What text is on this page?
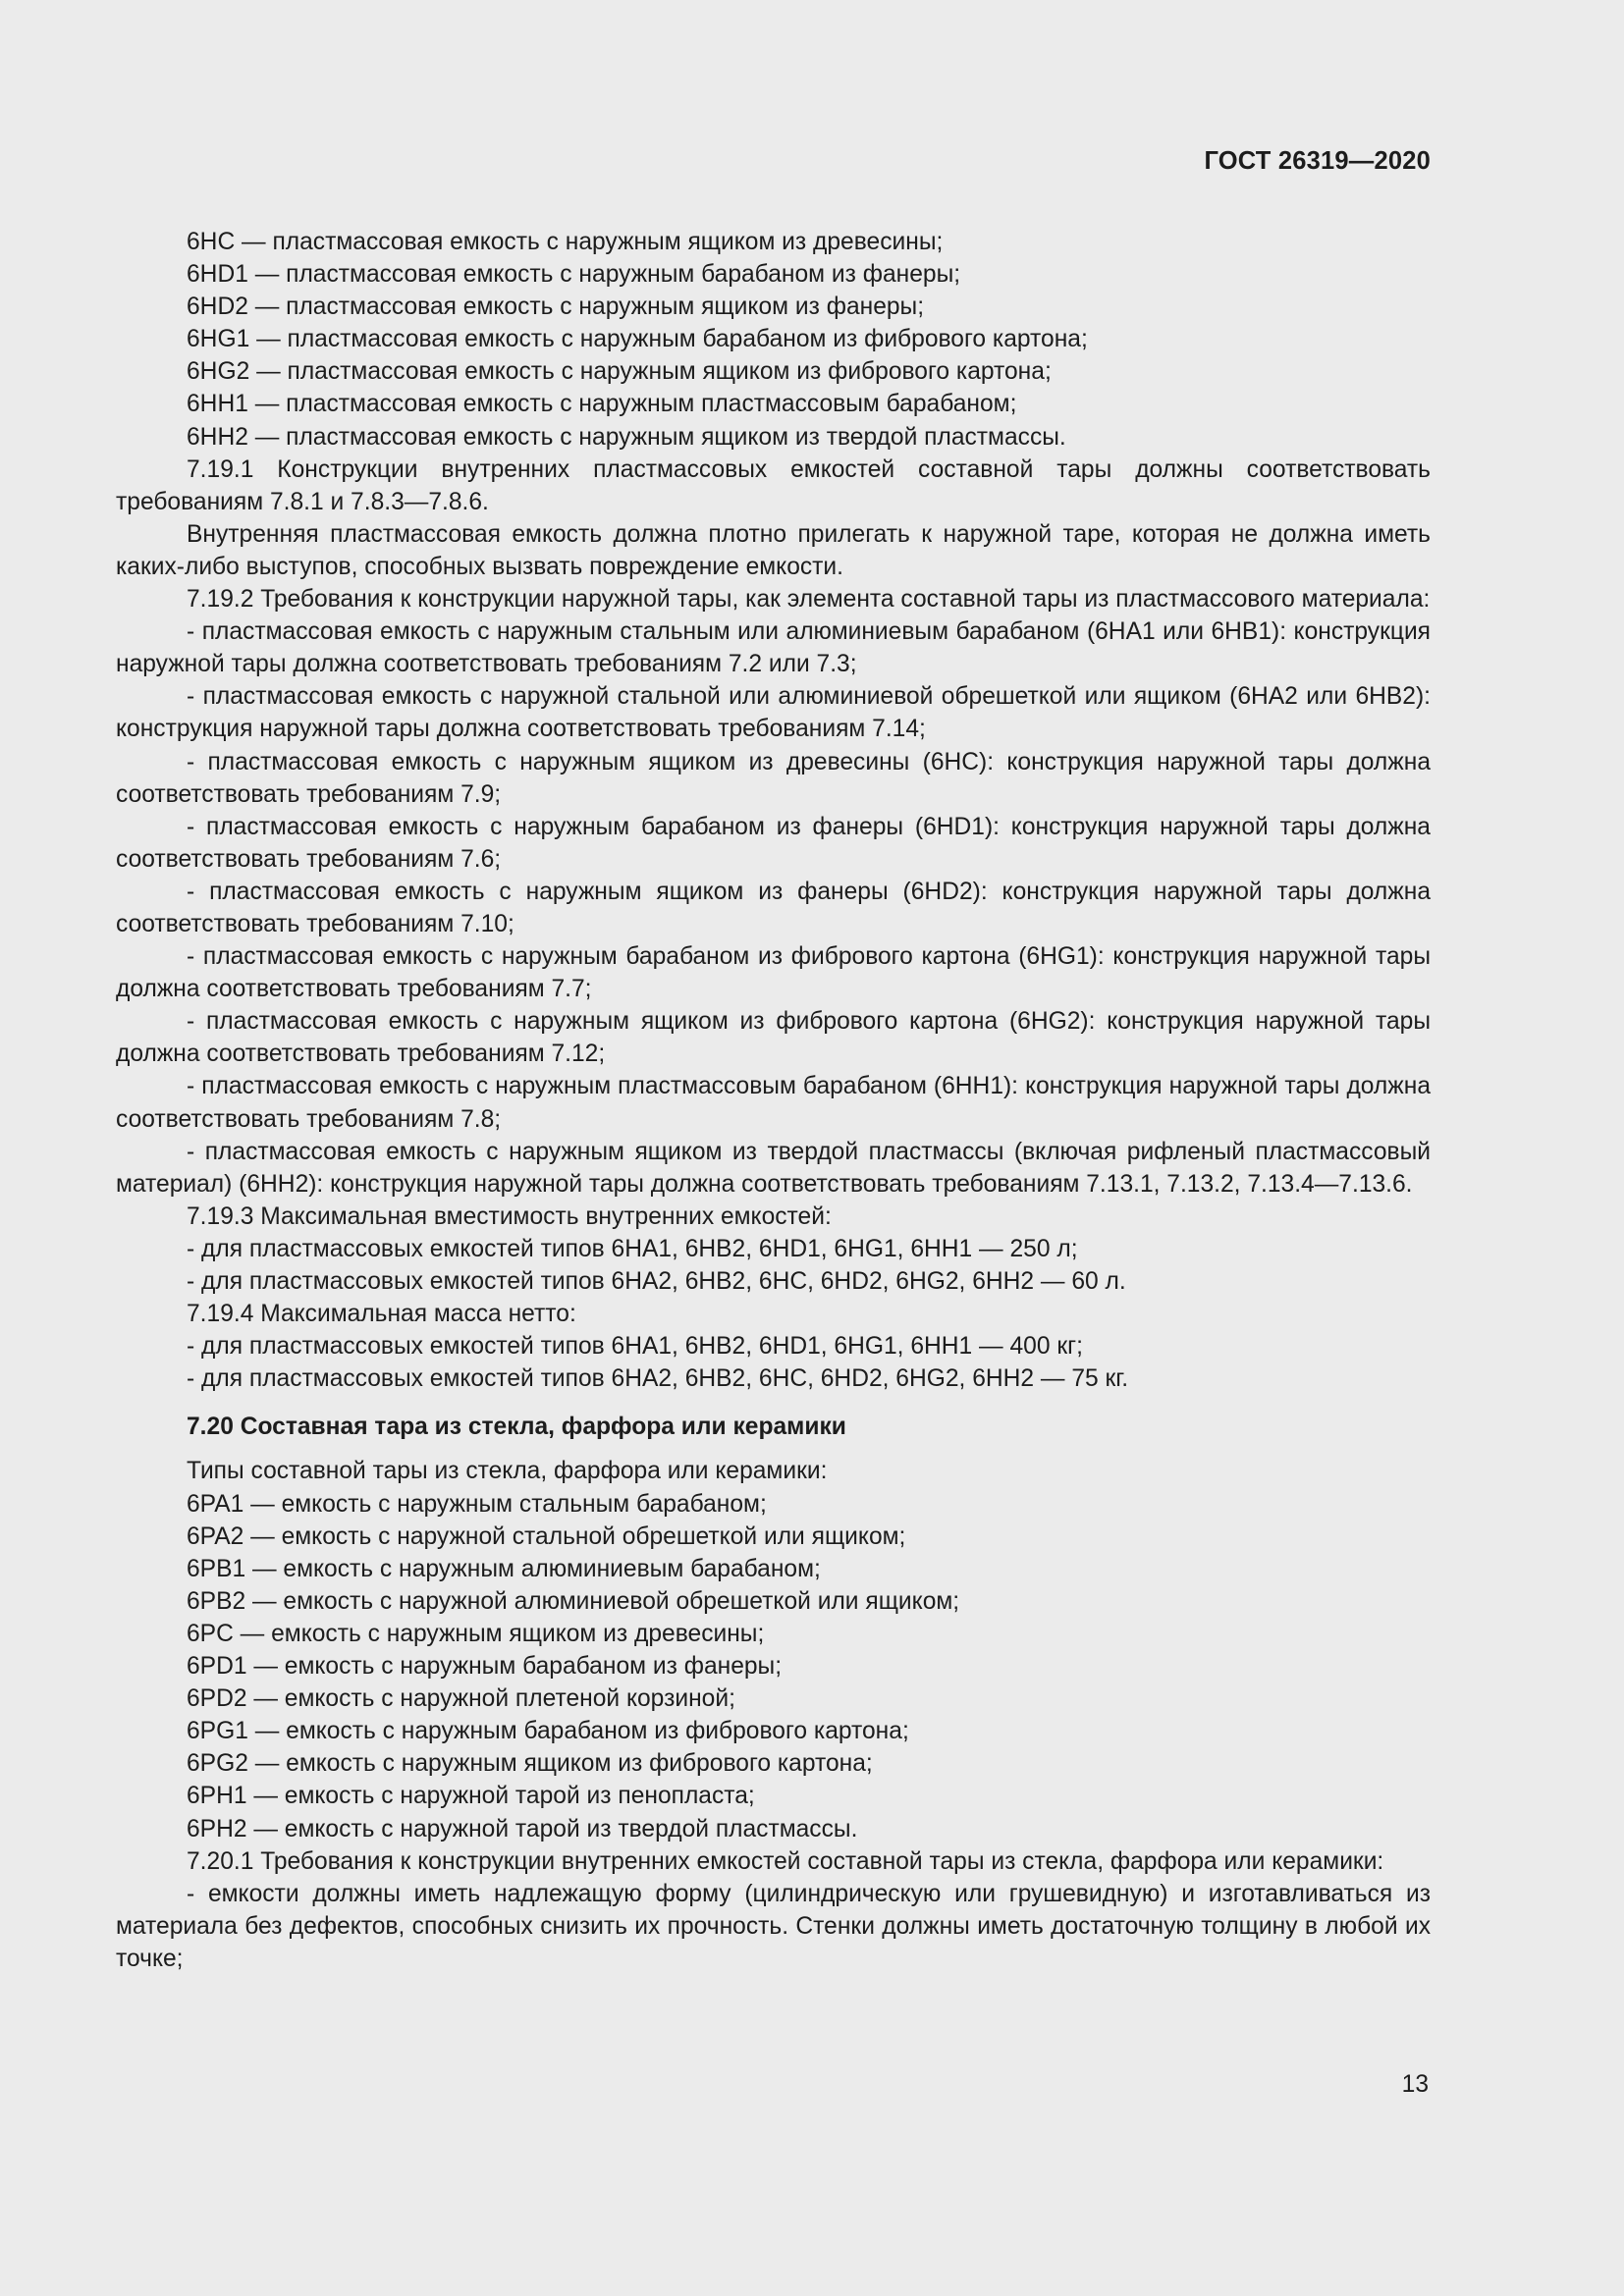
ГОСТ 26319—2020

6HC — пластмассовая емкость с наружным ящиком из древесины;

6HD1 — пластмассовая емкость с наружным барабаном из фанеры;

6HD2 — пластмассовая емкость с наружным ящиком из фанеры;

6HG1 — пластмассовая емкость с наружным барабаном из фибрового картона;

6HG2 — пластмассовая емкость с наружным ящиком из фибрового картона;

6HH1 — пластмассовая емкость с наружным пластмассовым барабаном;

6HH2 — пластмассовая емкость с наружным ящиком из твердой пластмассы.

7.19.1 Конструкции внутренних пластмассовых емкостей составной тары должны соответствовать требованиям 7.8.1 и 7.8.3—7.8.6.

Внутренняя пластмассовая емкость должна плотно прилегать к наружной таре, которая не должна иметь каких-либо выступов, способных вызвать повреждение емкости.

7.19.2 Требования к конструкции наружной тары, как элемента составной тары из пластмассового материала:

- пластмассовая емкость с наружным стальным или алюминиевым барабаном (6HA1 или 6HB1): конструкция наружной тары должна соответствовать требованиям 7.2 или 7.3;

- пластмассовая емкость с наружной стальной или алюминиевой обрешеткой или ящиком (6HA2 или 6HB2): конструкция наружной тары должна соответствовать требованиям 7.14;

- пластмассовая емкость с наружным ящиком из древесины (6HC): конструкция наружной тары должна соответствовать требованиям 7.9;

- пластмассовая емкость с наружным барабаном из фанеры (6HD1): конструкция наружной тары должна соответствовать требованиям 7.6;

- пластмассовая емкость с наружным ящиком из фанеры (6HD2): конструкция наружной тары должна соответствовать требованиям 7.10;

- пластмассовая емкость с наружным барабаном из фибрового картона (6HG1): конструкция наружной тары должна соответствовать требованиям 7.7;

- пластмассовая емкость с наружным ящиком из фибрового картона (6HG2): конструкция наружной тары должна соответствовать требованиям 7.12;

- пластмассовая емкость с наружным пластмассовым барабаном (6HH1): конструкция наружной тары должна соответствовать требованиям 7.8;

- пластмассовая емкость с наружным ящиком из твердой пластмассы (включая рифленый пластмассовый материал) (6HH2): конструкция наружной тары должна соответствовать требованиям 7.13.1, 7.13.2, 7.13.4—7.13.6.

7.19.3 Максимальная вместимость внутренних емкостей:

- для пластмассовых емкостей типов 6HA1, 6HB2, 6HD1, 6HG1, 6HH1 — 250 л;

- для пластмассовых емкостей типов 6HA2, 6HB2, 6HC, 6HD2, 6HG2, 6HH2 — 60 л.

7.19.4 Максимальная масса нетто:

- для пластмассовых емкостей типов 6HA1, 6HB2, 6HD1, 6HG1, 6HH1 — 400 кг;

- для пластмассовых емкостей типов 6HA2, 6HB2, 6HC, 6HD2, 6HG2, 6HH2 — 75 кг.

7.20 Составная тара из стекла, фарфора или керамики

Типы составной тары из стекла, фарфора или керамики:

6PA1 — емкость с наружным стальным барабаном;

6PA2 — емкость с наружной стальной обрешеткой или ящиком;

6PB1 — емкость с наружным алюминиевым барабаном;

6PB2 — емкость с наружной алюминиевой обрешеткой или ящиком;

6PC — емкость с наружным ящиком из древесины;

6PD1 — емкость с наружным барабаном из фанеры;

6PD2 — емкость с наружной плетеной корзиной;

6PG1 — емкость с наружным барабаном из фибрового картона;

6PG2 — емкость с наружным ящиком из фибрового картона;

6PH1 — емкость с наружной тарой из пенопласта;

6PH2 — емкость с наружной тарой из твердой пластмассы.

7.20.1 Требования к конструкции внутренних емкостей составной тары из стекла, фарфора или керамики:

- емкости должны иметь надлежащую форму (цилиндрическую или грушевидную) и изготавливаться из материала без дефектов, способных снизить их прочность. Стенки должны иметь достаточную толщину в любой их точке;

13
